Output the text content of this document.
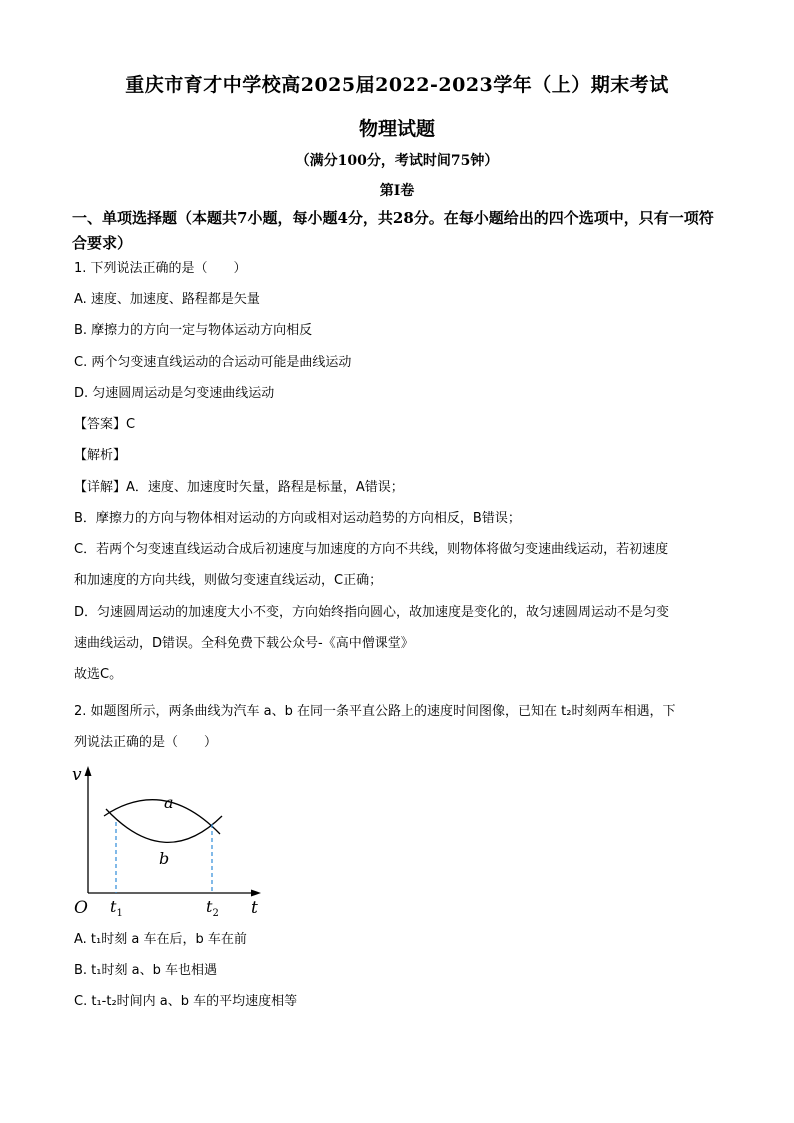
重庆市育才中学校高2025届2022-2023学年（上）期末考试
物理试题
（满分100分，考试时间75钟）
第I卷
一、单项选择题（本题共7小题，每小题4分，共28分。在每小题给出的四个选项中，只有一项符合要求）
1. 下列说法正确的是（　　）
A. 速度、加速度、路程都是矢量
B. 摩擦力的方向一定与物体运动方向相反
C. 两个匀变速直线运动的合运动可能是曲线运动
D. 匀速圆周运动是匀变速曲线运动
【答案】C
【解析】
【详解】A．速度、加速度时矢量，路程是标量，A错误；
B．摩擦力的方向与物体相对运动的方向或相对运动趋势的方向相反，B错误；
C．若两个匀变速直线运动合成后初速度与加速度的方向不共线，则物体将做匀变速曲线运动，若初速度
和加速度的方向共线，则做匀变速直线运动，C正确；
D．匀速圆周运动的加速度大小不变，方向始终指向圆心，故加速度是变化的，故匀速圆周运动不是匀变
速曲线运动，D错误。全科免费下载公众号-《高中僧课堂》
故选C。
2. 如题图所示，两条曲线为汽车 a、b 在同一条平直公路上的速度时间图像，已知在 t₂时刻两车相遇，下
列说法正确的是（　　）
v
O	t
a
b
$t_1$	$t_2$
A. t₁时刻 a 车在后，b 车在前
B. t₁时刻 a、b 车也相遇
C. t₁-t₂时间内 a、b 车的平均速度相等
